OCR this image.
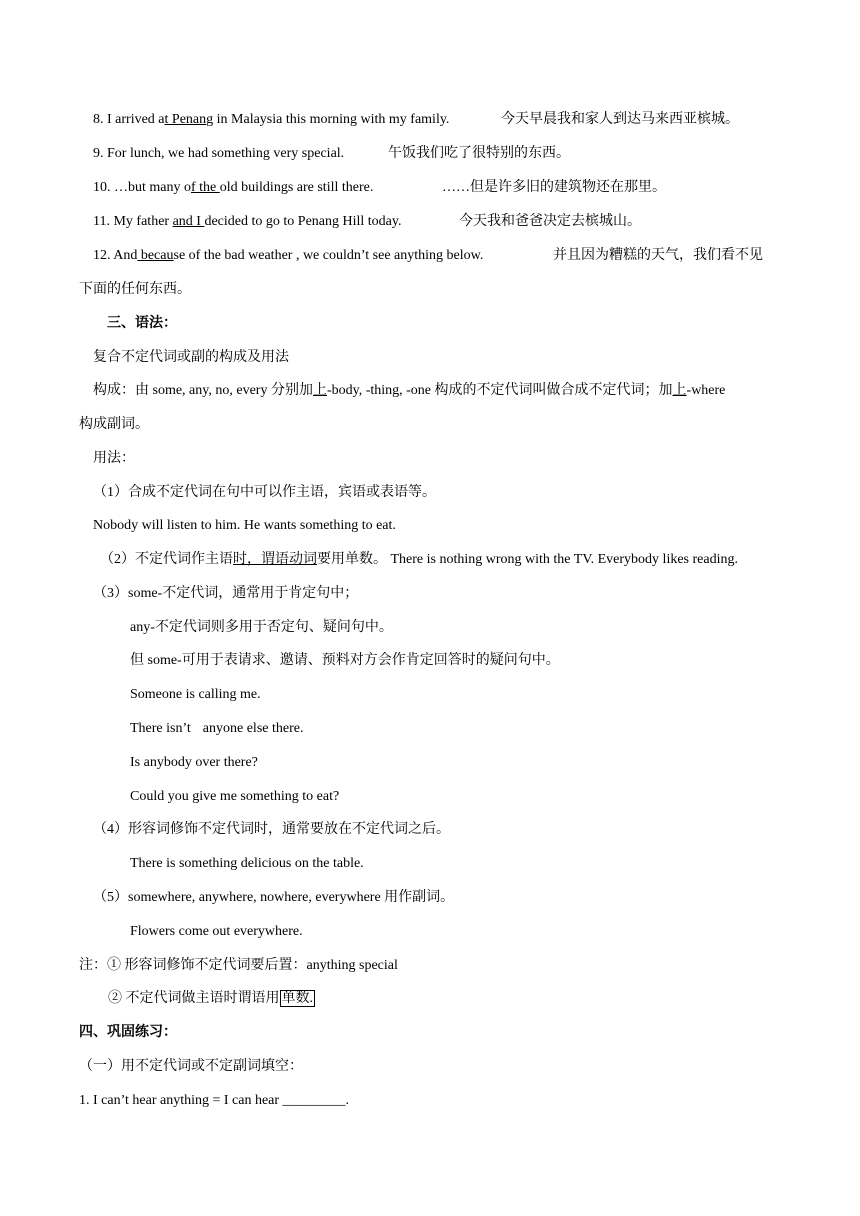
8. I arrived at Penang in Malaysia this morning with my family.	今天早晨我和家人到达马来西亚槟城。
9. For lunch, we had something very special.	午饭我们吃了很特别的东西。
10. …but many of the old buildings are still there.	……但是许多旧的建筑物还在那里。
11. My father and I decided to go to Penang Hill today.	今天我和爸爸决定去槟城山。
12. And because of the bad weather , we couldn’t see anything below.	并且因为糟糕的天气，我们看不见
下面的任何东西。
三、语法：
复合不定代词或副的构成及用法
构成：由 some, any, no, every 分别加上-body, -thing, -one 构成的不定代词叫做合成不定代词；加上-where
构成副词。
用法：
（1）合成不定代词在句中可以作主语，宾语或表语等。
Nobody will listen to him. He wants something to eat.
（2）不定代词作主语时，谓语动词要用单数。 There is nothing wrong with the TV. Everybody likes reading.
（3）some-不定代词，通常用于肯定句中；
any-不定代词则多用于否定句、疑问句中。
但 some-可用于表请求、邀请、预料对方会作肯定回答时的疑问句中。
Someone is calling me.
There isn’t anyone else there.
Is anybody over there?
Could you give me something to eat?
（4）形容词修饰不定代词时，通常要放在不定代词之后。
There is something delicious on the table.
（5）somewhere, anywhere, nowhere, everywhere 用作副词。
Flowers come out everywhere.
注：① 形容词修饰不定代词要后置：anything special
② 不定代词做主语时谓语用 单数.
四、巩固练习：
（一）用不定代词或不定副词填空：
1. I can’t hear anything = I can hear _________.
